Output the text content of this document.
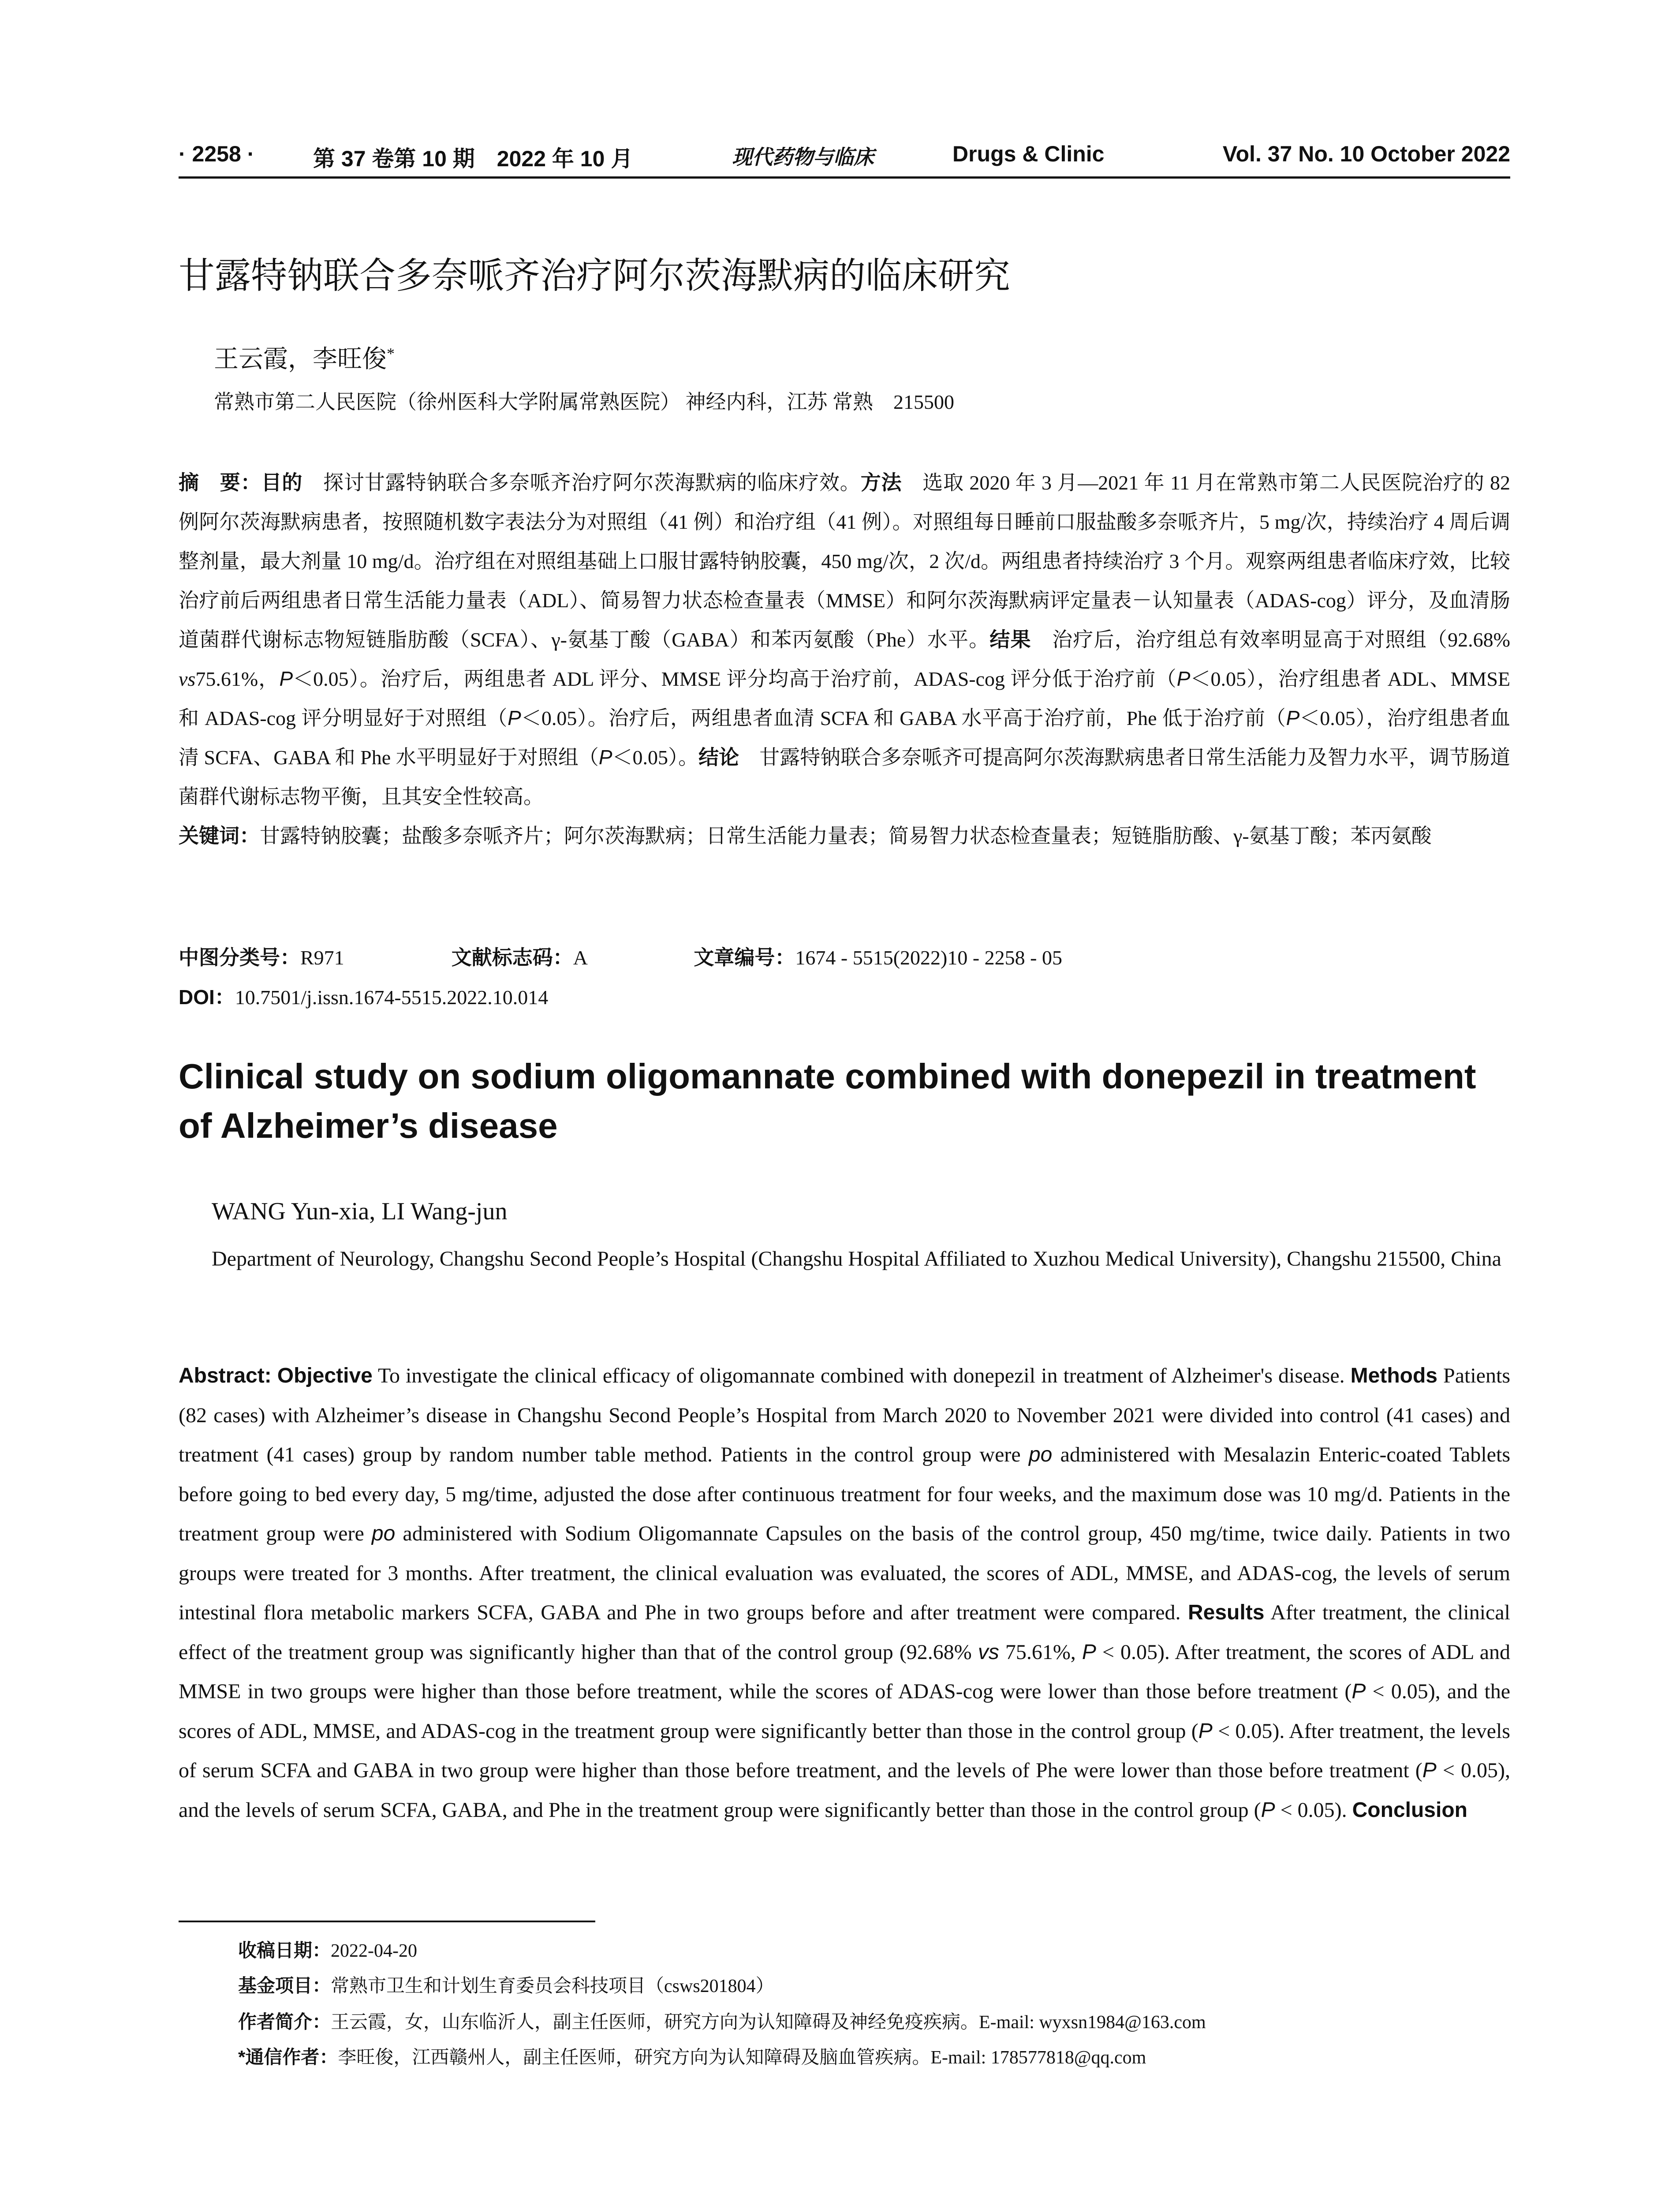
· 2258 ·	第 37 卷第 10 期　2022 年 10 月	现代药物与临床	Drugs & Clinic	Vol. 37 No. 10 October 2022
甘露特钠联合多奈哌齐治疗阿尔茨海默病的临床研究
王云霞，李旺俊*
常熟市第二人民医院（徐州医科大学附属常熟医院） 神经内科，江苏 常熟　215500
摘　要：目的　探讨甘露特钠联合多奈哌齐治疗阿尔茨海默病的临床疗效。方法　选取 2020 年 3 月—2021 年 11 月在常熟市第二人民医院治疗的 82 例阿尔茨海默病患者，按照随机数字表法分为对照组（41 例）和治疗组（41 例）。对照组每日睡前口服盐酸多奈哌齐片，5 mg/次，持续治疗 4 周后调整剂量，最大剂量 10 mg/d。治疗组在对照组基础上口服甘露特钠胶囊，450 mg/次，2 次/d。两组患者持续治疗 3 个月。观察两组患者临床疗效，比较治疗前后两组患者日常生活能力量表（ADL）、简易智力状态检查量表（MMSE）和阿尔茨海默病评定量表－认知量表（ADAS-cog）评分，及血清肠道菌群代谢标志物短链脂肪酸（SCFA）、γ-氨基丁酸（GABA）和苯丙氨酸（Phe）水平。结果　治疗后，治疗组总有效率明显高于对照组（92.68% vs75.61%，P＜0.05）。治疗后，两组患者 ADL 评分、MMSE 评分均高于治疗前，ADAS-cog 评分低于治疗前（P＜0.05），治疗组患者 ADL、MMSE 和 ADAS-cog 评分明显好于对照组（P＜0.05）。治疗后，两组患者血清 SCFA 和 GABA 水平高于治疗前，Phe 低于治疗前（P＜0.05），治疗组患者血清 SCFA、GABA 和 Phe 水平明显好于对照组（P＜0.05）。结论　甘露特钠联合多奈哌齐可提高阿尔茨海默病患者日常生活能力及智力水平，调节肠道菌群代谢标志物平衡，且其安全性较高。
关键词：甘露特钠胶囊；盐酸多奈哌齐片；阿尔茨海默病；日常生活能力量表；简易智力状态检查量表；短链脂肪酸、γ-氨基丁酸；苯丙氨酸
中图分类号：R971	文献标志码：A	文章编号：1674 - 5515(2022)10 - 2258 - 05
DOI：10.7501/j.issn.1674-5515.2022.10.014
Clinical study on sodium oligomannate combined with donepezil in treatment of Alzheimer’s disease
WANG Yun-xia, LI Wang-jun
Department of Neurology, Changshu Second People’s Hospital (Changshu Hospital Affiliated to Xuzhou Medical University), Changshu 215500, China
Abstract: Objective To investigate the clinical efficacy of oligomannate combined with donepezil in treatment of Alzheimer's disease. Methods Patients (82 cases) with Alzheimer’s disease in Changshu Second People’s Hospital from March 2020 to November 2021 were divided into control (41 cases) and treatment (41 cases) group by random number table method. Patients in the control group were po administered with Mesalazin Enteric-coated Tablets before going to bed every day, 5 mg/time, adjusted the dose after continuous treatment for four weeks, and the maximum dose was 10 mg/d. Patients in the treatment group were po administered with Sodium Oligomannate Capsules on the basis of the control group, 450 mg/time, twice daily. Patients in two groups were treated for 3 months. After treatment, the clinical evaluation was evaluated, the scores of ADL, MMSE, and ADAS-cog, the levels of serum intestinal flora metabolic markers SCFA, GABA and Phe in two groups before and after treatment were compared. Results After treatment, the clinical effect of the treatment group was significantly higher than that of the control group (92.68% vs 75.61%, P < 0.05). After treatment, the scores of ADL and MMSE in two groups were higher than those before treatment, while the scores of ADAS-cog were lower than those before treatment (P < 0.05), and the scores of ADL, MMSE, and ADAS-cog in the treatment group were significantly better than those in the control group (P < 0.05). After treatment, the levels of serum SCFA and GABA in two group were higher than those before treatment, and the levels of Phe were lower than those before treatment (P < 0.05), and the levels of serum SCFA, GABA, and Phe in the treatment group were significantly better than those in the control group (P < 0.05). Conclusion
收稿日期：2022-04-20
基金项目：常熟市卫生和计划生育委员会科技项目（csws201804）
作者简介：王云霞，女，山东临沂人，副主任医师，研究方向为认知障碍及神经免疫疾病。E-mail: wyxsn1984@163.com
*通信作者：李旺俊，江西赣州人，副主任医师，研究方向为认知障碍及脑血管疾病。E-mail: 178577818@qq.com
